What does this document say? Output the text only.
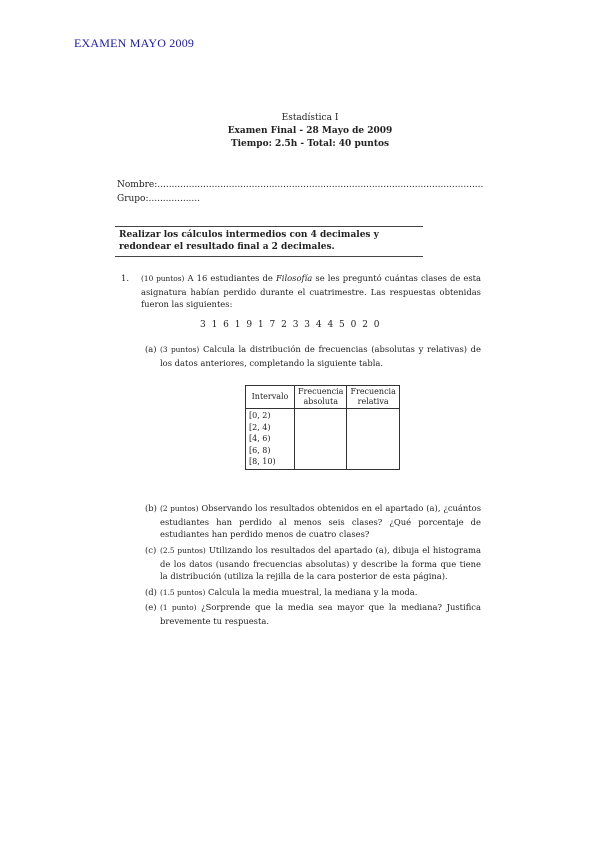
EXAMEN MAYO 2009
Estadística I
Examen Final - 28 Mayo de 2009
Tiempo: 2.5h - Total: 40 puntos
Nombre:..................................................................................................................
Grupo:..................
Realizar los cálculos intermedios con 4 decimales y redondear el resultado final a 2 decimales.
1. (10 puntos) A 16 estudiantes de Filosofía se les preguntó cuántas clases de esta asignatura habían perdido durante el cuatrimestre. Las respuestas obtenidas fueron las siguientes:
3 1 6 1 9 1 7 2 3 3 4 4 5 0 2 0
(a) (3 puntos) Calcula la distribución de frecuencias (absolutas y relativas) de los datos anteriores, completando la siguiente tabla.
Intervalo	Frecuencia absoluta	Frecuencia relativa

[0, 2)
[2, 4)
[4, 6)
[6, 8)
[8, 10)		

(b) (2 puntos) Observando los resultados obtenidos en el apartado (a), ¿cuántos estudiantes han perdido al menos seis clases? ¿Qué porcentaje de estudiantes han perdido menos de cuatro clases?
(c) (2.5 puntos) Utilizando los resultados del apartado (a), dibuja el histograma de los datos (usando frecuencias absolutas) y describe la forma que tiene la distribución (utiliza la rejilla de la cara posterior de esta página).
(d) (1.5 puntos) Calcula la media muestral, la mediana y la moda.
(e) (1 punto) ¿Sorprende que la media sea mayor que la mediana? Justifica brevemente tu respuesta.
